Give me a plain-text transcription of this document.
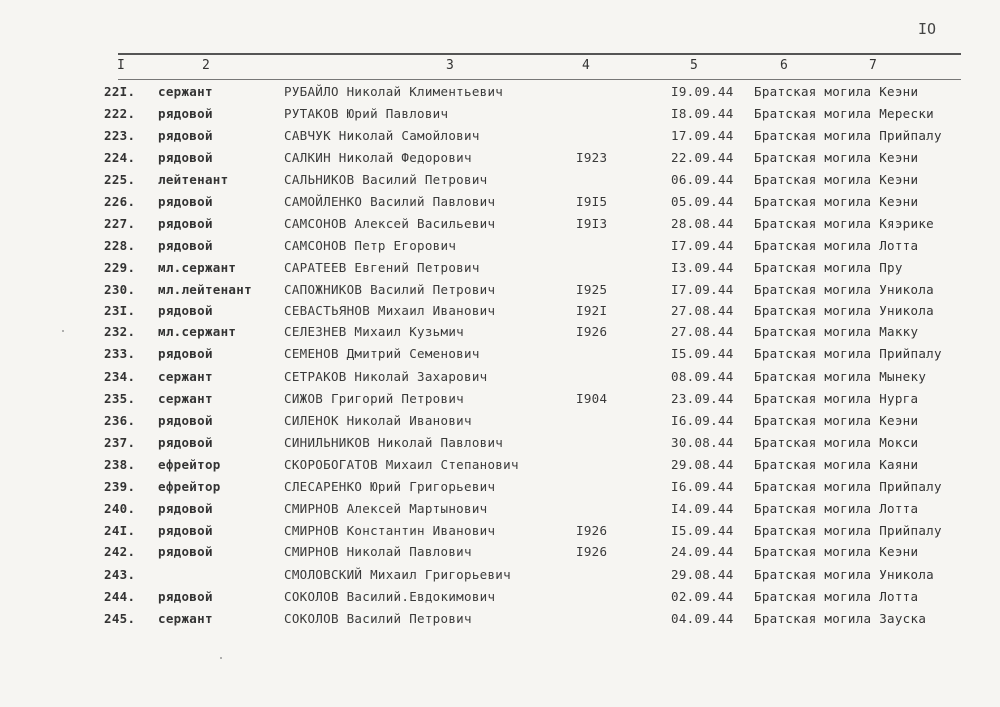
IO
I	2	3	4	5	6	7
22I. сержант	РУБАЙЛО Николай Климентьевич	I9.09.44 Братская могила Кеэни
222. рядовой	РУТАКОВ Юрий Павлович	I8.09.44 Братская могила Мерески
223. рядовой	САВЧУК Николай Самойлович	17.09.44 Братская могила Прийпалу
224. рядовой	САЛКИН Николай Федорович	I923	22.09.44 Братская могила Кеэни
225. лейтенант	САЛЬНИКОВ Василий Петрович	06.09.44 Братская могила Кеэни
226. рядовой	САМОЙЛЕНКО Василий Павлович	I9I5	05.09.44 Братская могила Кеэни
227. рядовой	САМСОНОВ Алексей Васильевич	I9I3	28.08.44 Братская могила Кяэрике
228. рядовой	САМСОНОВ Петр Егорович	I7.09.44 Братская могила Лотта
229. мл.сержант	САРАТЕЕВ Евгений Петрович	I3.09.44 Братская могила Пру
230. мл.лейтенант	САПОЖНИКОВ Василий Петрович	I925	I7.09.44 Братская могила Уникола
23I. рядовой	СЕВАСТЬЯНОВ Михаил Иванович	I92I	27.08.44 Братская могила Уникола
232. мл.сержант	СЕЛЕЗНЕВ Михаил Кузьмич	I926	27.08.44 Братская могила Макку
233. рядовой	СЕМЕНОВ Дмитрий Семенович	I5.09.44 Братская могила Прийпалу
234. сержант	СЕТРАКОВ Николай Захарович	08.09.44 Братская могила Мынеку
235. сержант	СИЖОВ Григорий Петрович	I904	23.09.44 Братская могила Нурга
236. рядовой	СИЛЕНОК Николай Иванович	I6.09.44 Братская могила Кеэни
237. рядовой	СИНИЛЬНИКОВ Николай Павлович	30.08.44 Братская могила Мокси
238. ефрейтор	СКОРОБОГАТОВ Михаил Степанович	29.08.44 Братская могила Каяни
239. ефрейтор	СЛЕСАРЕНКО Юрий Григорьевич	I6.09.44 Братская могила Прийпалу
240. рядовой	СМИРНОВ Алексей Мартынович	I4.09.44 Братская могила Лотта
24I. рядовой	СМИРНОВ Константин Иванович	I926	I5.09.44 Братская могила Прийпалу
242. рядовой	СМИРНОВ Николай Павлович	I926	24.09.44 Братская могила Кеэни
243.	СМОЛОВСКИЙ Михаил Григорьевич	29.08.44 Братская могила Уникола
244. рядовой	СОКОЛОВ Василий.Евдокимович	02.09.44 Братская могила Лотта
245. сержант	СОКОЛОВ Василий Петрович	04.09.44 Братская могила Зауска
